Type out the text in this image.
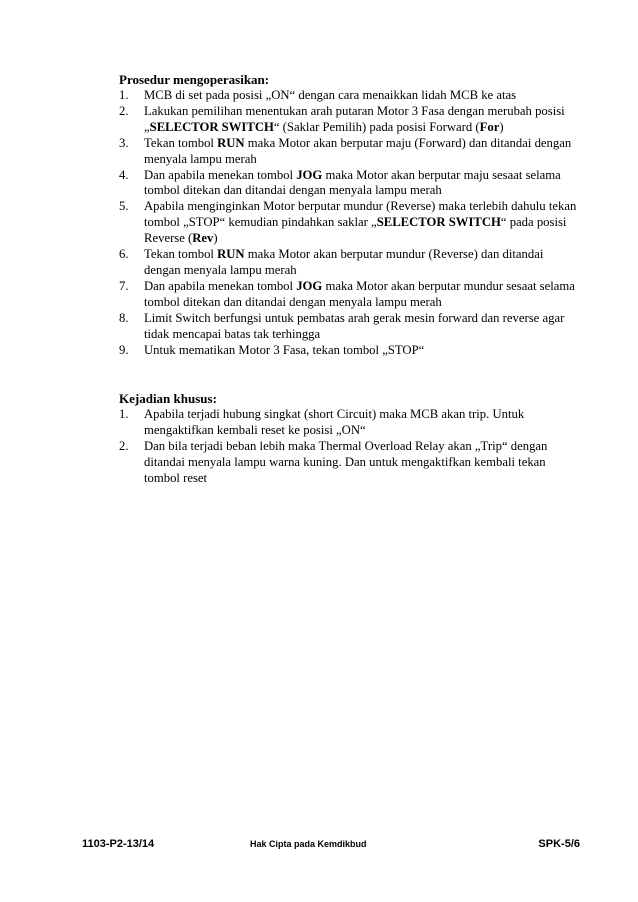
Prosedur mengoperasikan:

1. MCB di set pada posisi „ON“ dengan cara menaikkan lidah MCB ke atas
2. Lakukan pemilihan menentukan arah putaran Motor 3 Fasa dengan merubah posisi „SELECTOR SWITCH“ (Saklar Pemilih) pada posisi Forward (For)
3. Tekan tombol RUN maka Motor akan berputar maju (Forward) dan ditandai dengan menyala lampu merah
4. Dan apabila menekan tombol JOG maka Motor akan berputar maju sesaat selama tombol ditekan dan ditandai dengan menyala lampu merah
5. Apabila menginginkan Motor berputar mundur (Reverse) maka terlebih dahulu tekan tombol „STOP“ kemudian pindahkan saklar „SELECTOR SWITCH“ pada posisi Reverse (Rev)
6. Tekan tombol RUN maka Motor akan berputar mundur (Reverse) dan ditandai dengan menyala lampu merah
7. Dan apabila menekan tombol JOG maka Motor akan berputar mundur sesaat selama tombol ditekan dan ditandai dengan menyala lampu merah
8. Limit Switch berfungsi untuk pembatas arah gerak mesin forward dan reverse agar tidak mencapai batas tak terhingga
9. Untuk mematikan Motor 3 Fasa, tekan tombol „STOP“

Kejadian khusus:

1. Apabila terjadi hubung singkat (short Circuit) maka MCB akan trip. Untuk mengaktifkan kembali reset ke posisi „ON“
2. Dan bila terjadi beban lebih maka Thermal Overload Relay akan „Trip“ dengan ditandai menyala lampu warna kuning. Dan untuk mengaktifkan kembali tekan tombol reset
1103-P2-13/14	Hak Cipta pada Kemdikbud	SPK-5/6
